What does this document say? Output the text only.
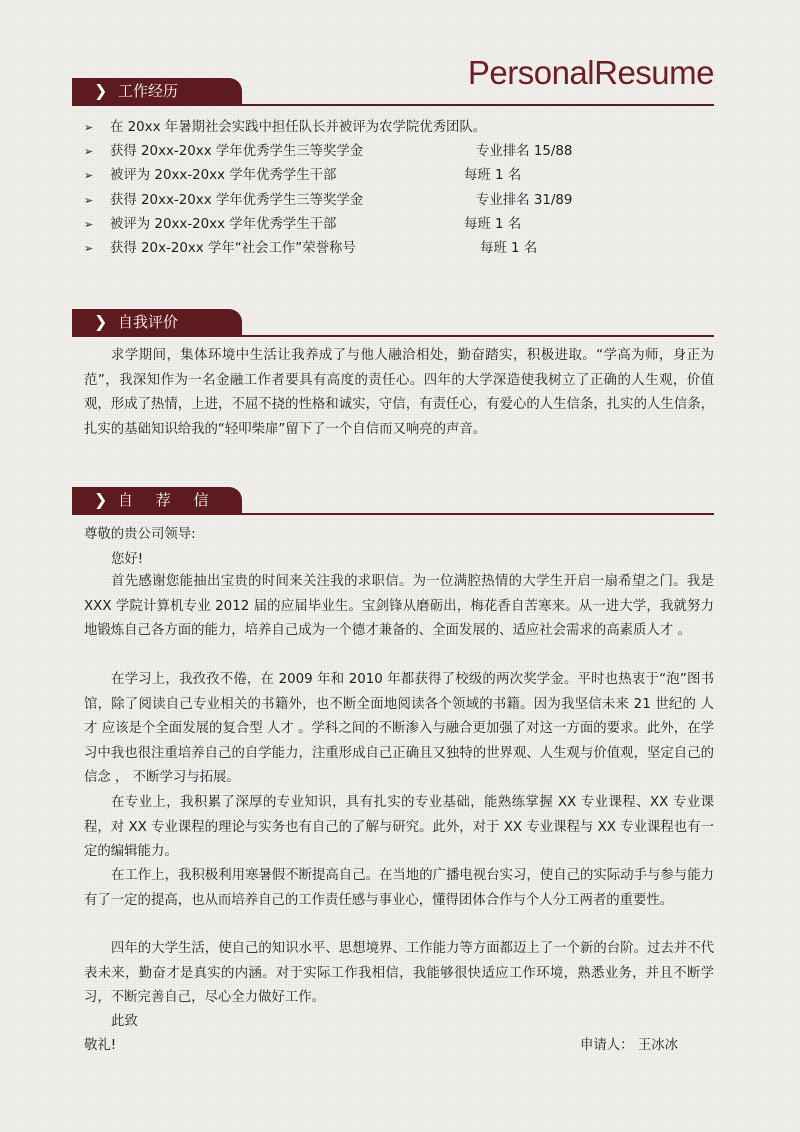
PersonalResume
❯ 工作经历
➢ 在 20xx 年暑期社会实践中担任队长并被评为农学院优秀团队。
➢ 获得 20xx-20xx 学年优秀学生三等奖学金	专业排名 15/88
➢ 被评为 20xx-20xx 学年优秀学生干部	每班 1 名
➢ 获得 20xx-20xx 学年优秀学生三等奖学金	专业排名 31/89
➢ 被评为 20xx-20xx 学年优秀学生干部	每班 1 名
➢ 获得 20x-20xx 学年“社会工作”荣誉称号	每班 1 名
❯ 自我评价

求学期间，集体环境中生活让我养成了与他人融洽相处，勤奋踏实，积极进取。“学高为师，身正为范”，我深知作为一名金融工作者要具有高度的责任心。四年的大学深造使我树立了正确的人生观，价值观，形成了热情，上进，不屈不挠的性格和诚实，守信，有责任心，有爱心的人生信条，扎实的人生信条，扎实的基础知识给我的“轻叩柴扉”留下了一个自信而又响亮的声音。

❯ 自 荐 信
尊敬的贵公司领导:
您好!

首先感谢您能抽出宝贵的时间来关注我的求职信。为一位满腔热情的大学生开启一扇希望之门。我是 XXX 学院计算机专业 2012 届的应届毕业生。宝剑锋从磨砺出，梅花香自苦寒来。从一进大学，我就努力地锻炼自己各方面的能力，培养自己成为一个德才兼备的、全面发展的、适应社会需求的高素质人才 。

在学习上，我孜孜不倦，在 2009 年和 2010 年都获得了校级的两次奖学金。平时也热衷于“泡”图书馆，除了阅读自己专业相关的书籍外，也不断全面地阅读各个领域的书籍。因为我坚信未来 21 世纪的 人才 应该是个全面发展的复合型 人才 。学科之间的不断渗入与融合更加强了对这一方面的要求。此外，在学习中我也很注重培养自己的自学能力，注重形成自己正确且又独特的世界观、人生观与价值观，坚定自己的信念 ， 不断学习与拓展。

在专业上，我积累了深厚的专业知识，具有扎实的专业基础，能熟练掌握 XX 专业课程、XX 专业课程，对 XX 专业课程的理论与实务也有自己的了解与研究。此外，对于 XX 专业课程与 XX 专业课程也有一定的编辑能力。

在工作上，我积极利用寒暑假不断提高自己。在当地的广播电视台实习，使自己的实际动手与参与能力有了一定的提高，也从而培养自己的工作责任感与事业心，懂得团体合作与个人分工两者的重要性。

四年的大学生活，使自己的知识水平、思想境界、工作能力等方面都迈上了一个新的台阶。过去并不代表未来，勤奋才是真实的内涵。对于实际工作我相信，我能够很快适应工作环境，熟悉业务，并且不断学习，不断完善自己，尽心全力做好工作。

此致
敬礼!	申请人： 王冰冰
